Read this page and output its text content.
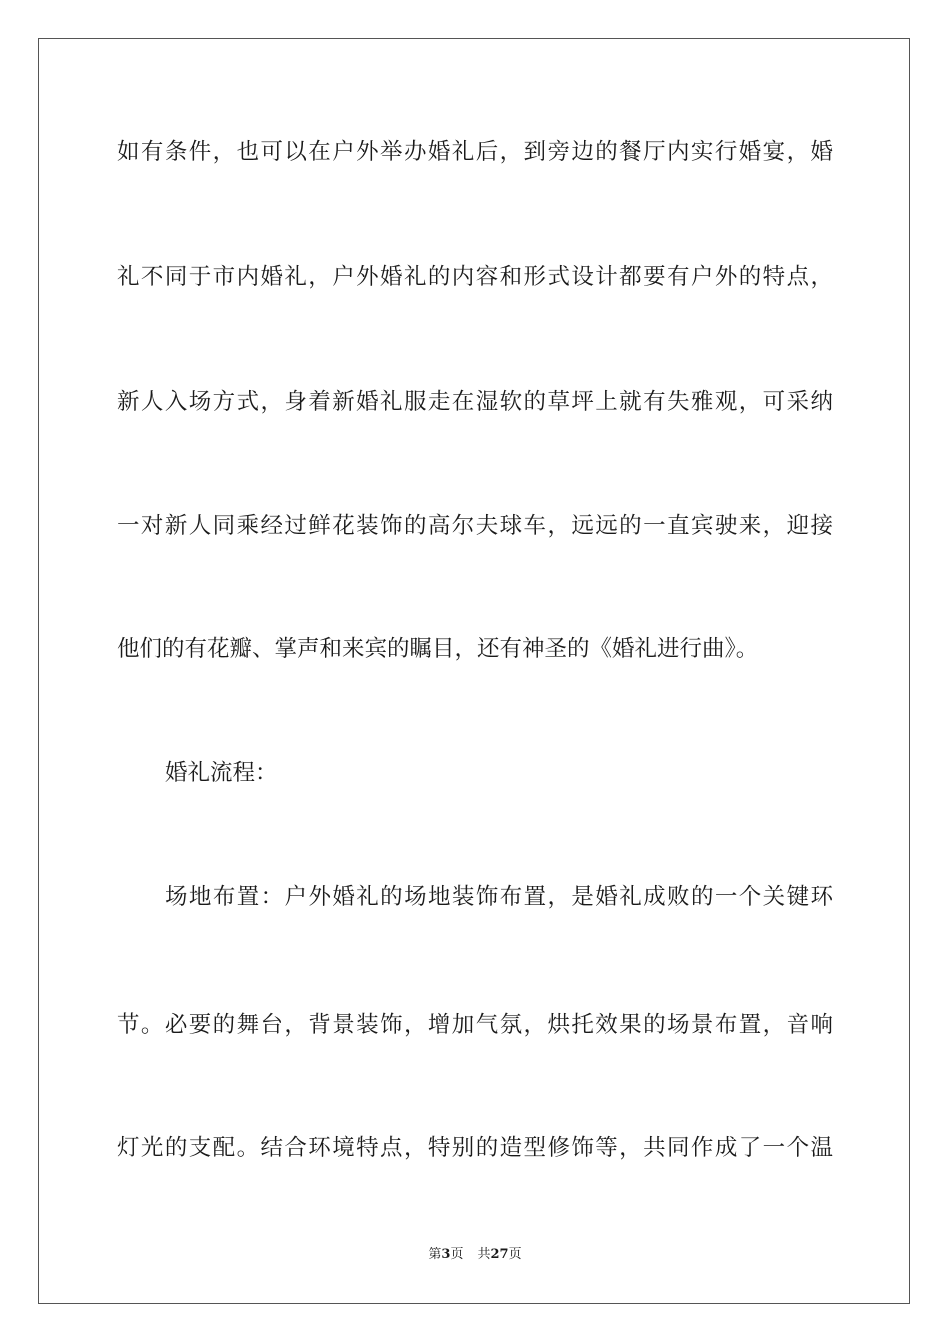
如有条件，也可以在户外举办婚礼后，到旁边的餐厅内实行婚宴，婚
礼不同于市内婚礼，户外婚礼的内容和形式设计都要有户外的特点，
新人入场方式，身着新婚礼服走在湿软的草坪上就有失雅观，可采纳
一对新人同乘经过鲜花装饰的高尔夫球车，远远的一直宾驶来，迎接
他们的有花瓣、掌声和来宾的瞩目，还有神圣的《婚礼进行曲》。
婚礼流程：
场地布置：户外婚礼的场地装饰布置，是婚礼成败的一个关键环
节。必要的舞台，背景装饰，增加气氛，烘托效果的场景布置，音响
灯光的支配。结合环境特点，特别的造型修饰等，共同作成了一个温
第3页 共27页
